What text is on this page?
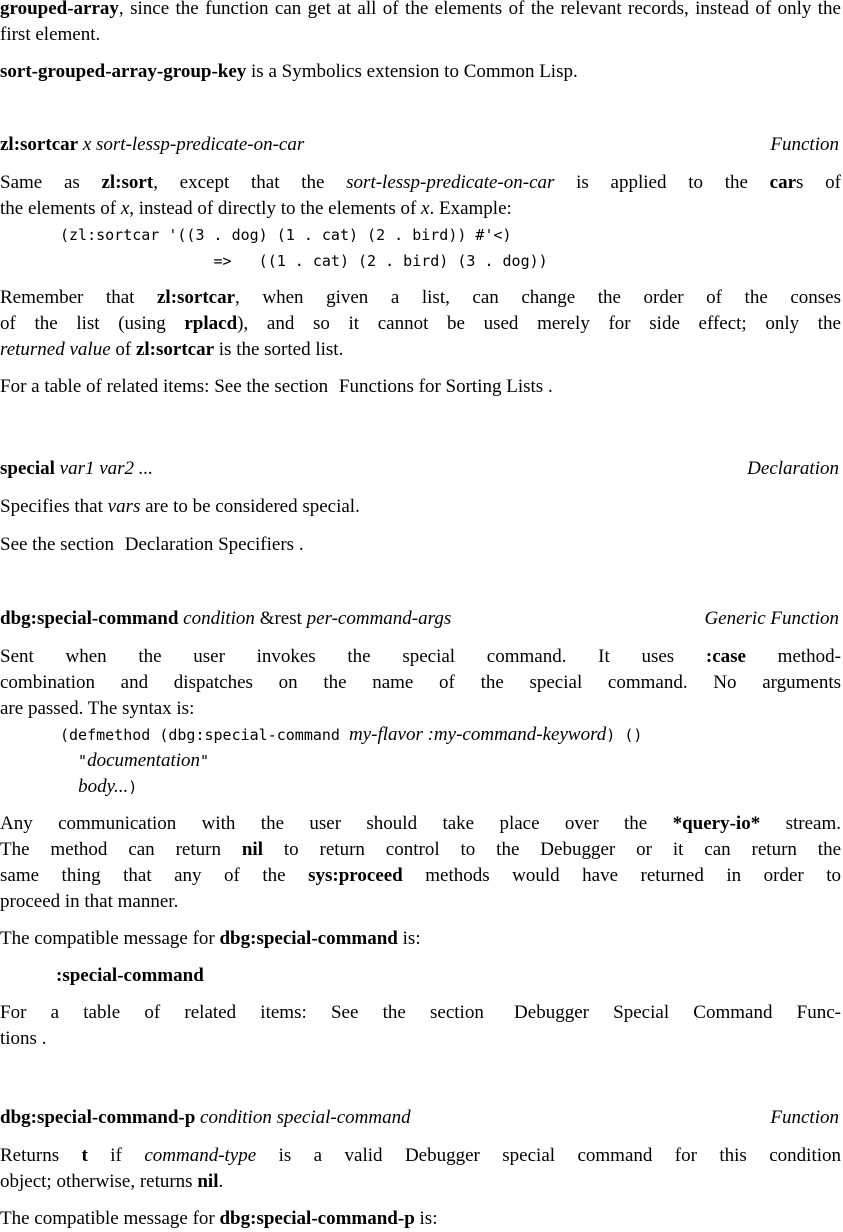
grouped-array, since the function can get at all of the elements of the relevant records, instead of only the first element.

sort-grouped-array-group-key is a Symbolics extension to Common Lisp.

zl:sortcar x sort-lessp-predicate-on-car	Function

Same as zl:sort, except that the sort-lessp-predicate-on-car is applied to the cars of

the elements of x, instead of directly to the elements of x. Example:

(zl:sortcar '((3 . dog) (1 . cat) (2 . bird)) #'<)
=>   ((1 . cat) (2 . bird) (3 . dog))

Remember that zl:sortcar, when given a list, can change the order of the conses

of the list (using rplacd), and so it cannot be used merely for side effect; only the

returned value of zl:sortcar is the sorted list.

For a table of related items: See the section Functions for Sorting Lists .

special var1 var2 ...	Declaration

Specifies that vars are to be considered special.

See the section Declaration Specifiers .

dbg:special-command condition &rest per-command-args	Generic Function

Sent when the user invokes the special command. It uses :case method-

combination and dispatches on the name of the special command. No arguments

are passed. The syntax is:

(defmethod (dbg:special-command my-flavor :my-command-keyword) ()
"documentation"
body...)

Any communication with the user should take place over the *query-io* stream.

The method can return nil to return control to the Debugger or it can return the

same thing that any of the sys:proceed methods would have returned in order to

proceed in that manner.

The compatible message for dbg:special-command is:

:special-command

For a table of related items: See the section Debugger Special Command Func-

tions .

dbg:special-command-p condition special-command	Function

Returns t if command-type is a valid Debugger special command for this condition

object; otherwise, returns nil.

The compatible message for dbg:special-command-p is:
